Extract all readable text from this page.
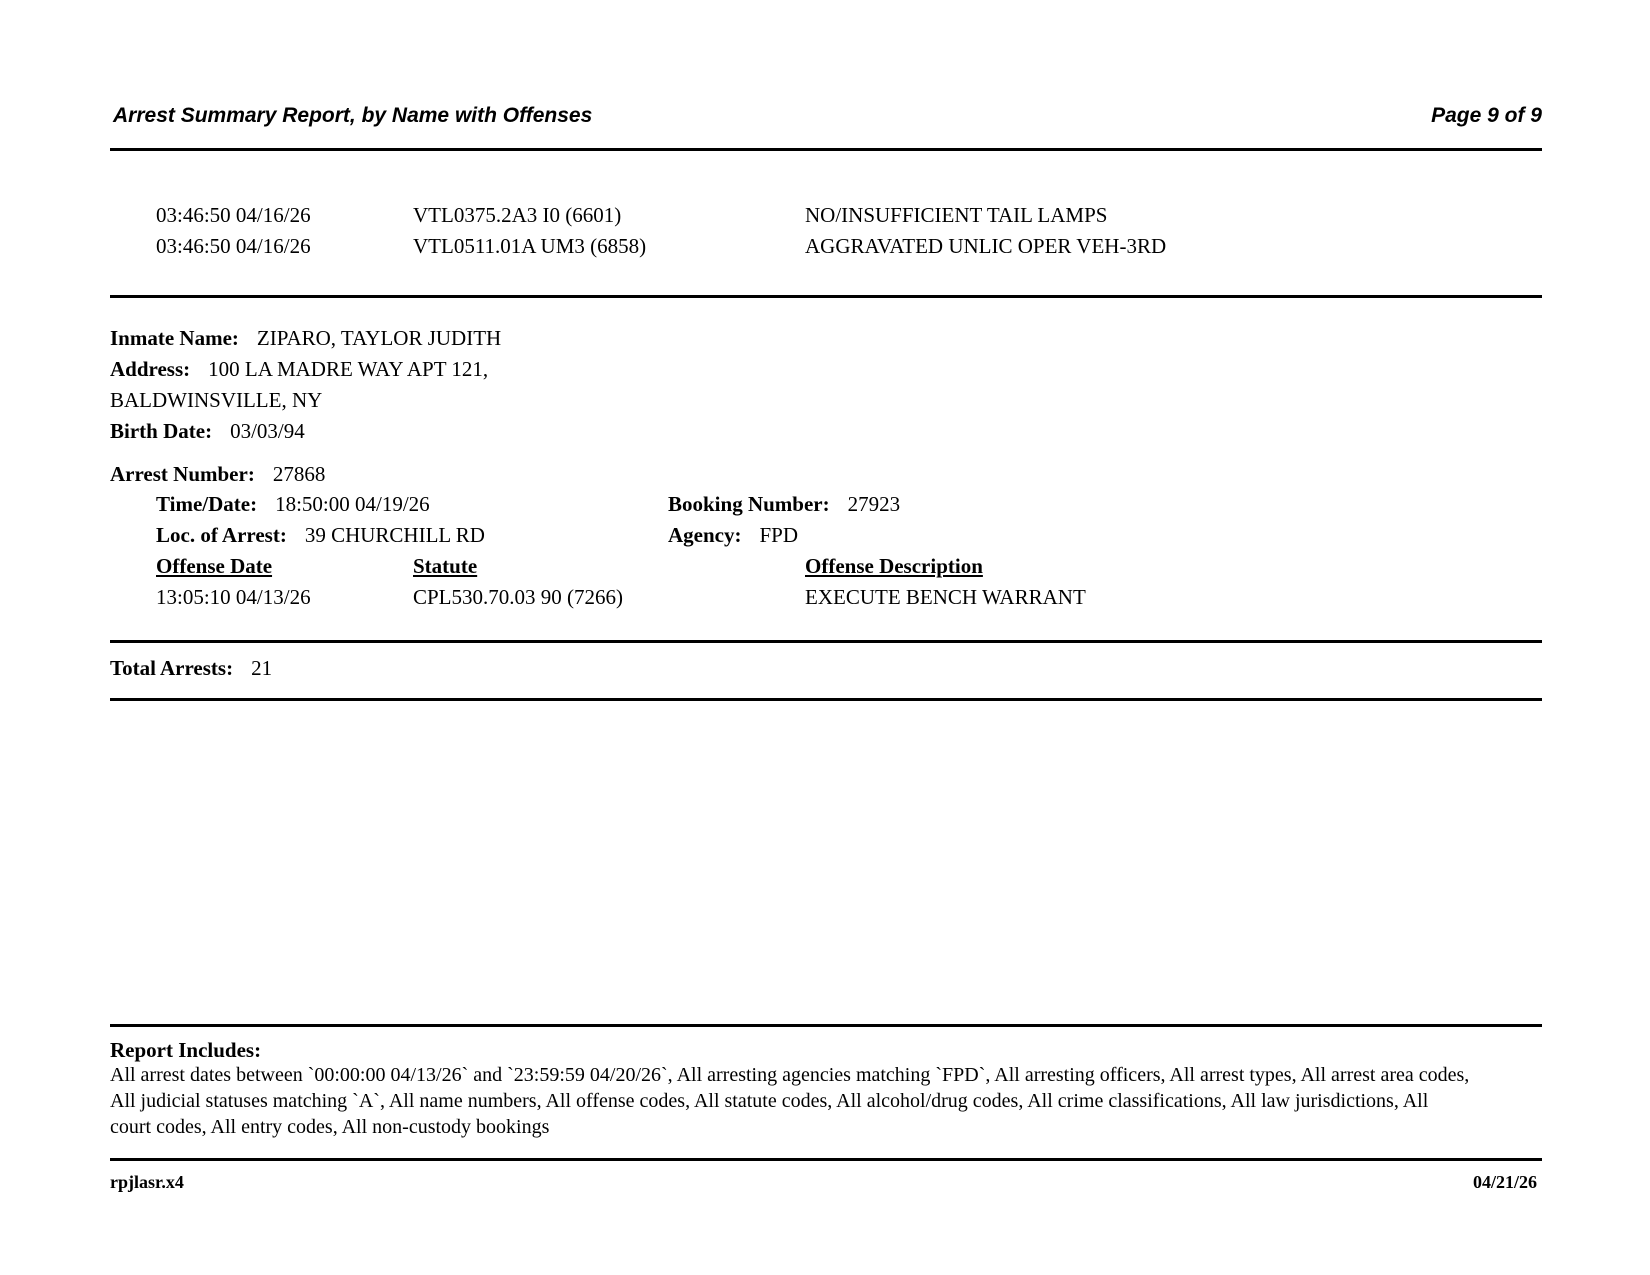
Arrest Summary Report, by Name with Offenses	Page 9 of 9
03:46:50 04/16/26	VTL0375.2A3 I0 (6601)	NO/INSUFFICIENT TAIL LAMPS
03:46:50 04/16/26	VTL0511.01A UM3 (6858)	AGGRAVATED UNLIC OPER VEH-3RD
Inmate Name: ZIPARO, TAYLOR JUDITH
Address: 100 LA MADRE WAY APT 121,
BALDWINSVILLE, NY
Birth Date: 03/03/94
Arrest Number: 27868
Time/Date: 18:50:00 04/19/26	Booking Number: 27923
Loc. of Arrest: 39 CHURCHILL RD	Agency: FPD
Offense Date	Statute	Offense Description
13:05:10 04/13/26	CPL530.70.03 90 (7266)	EXECUTE BENCH WARRANT
Total Arrests: 21
Report Includes:
All arrest dates between `00:00:00 04/13/26` and `23:59:59 04/20/26`, All arresting agencies matching `FPD`, All arresting officers, All arrest types, All arrest area codes,
All judicial statuses matching `A`, All name numbers, All offense codes, All statute codes, All alcohol/drug codes, All crime classifications, All law jurisdictions, All
court codes, All entry codes, All non-custody bookings
rpjlasr.x4	04/21/26
